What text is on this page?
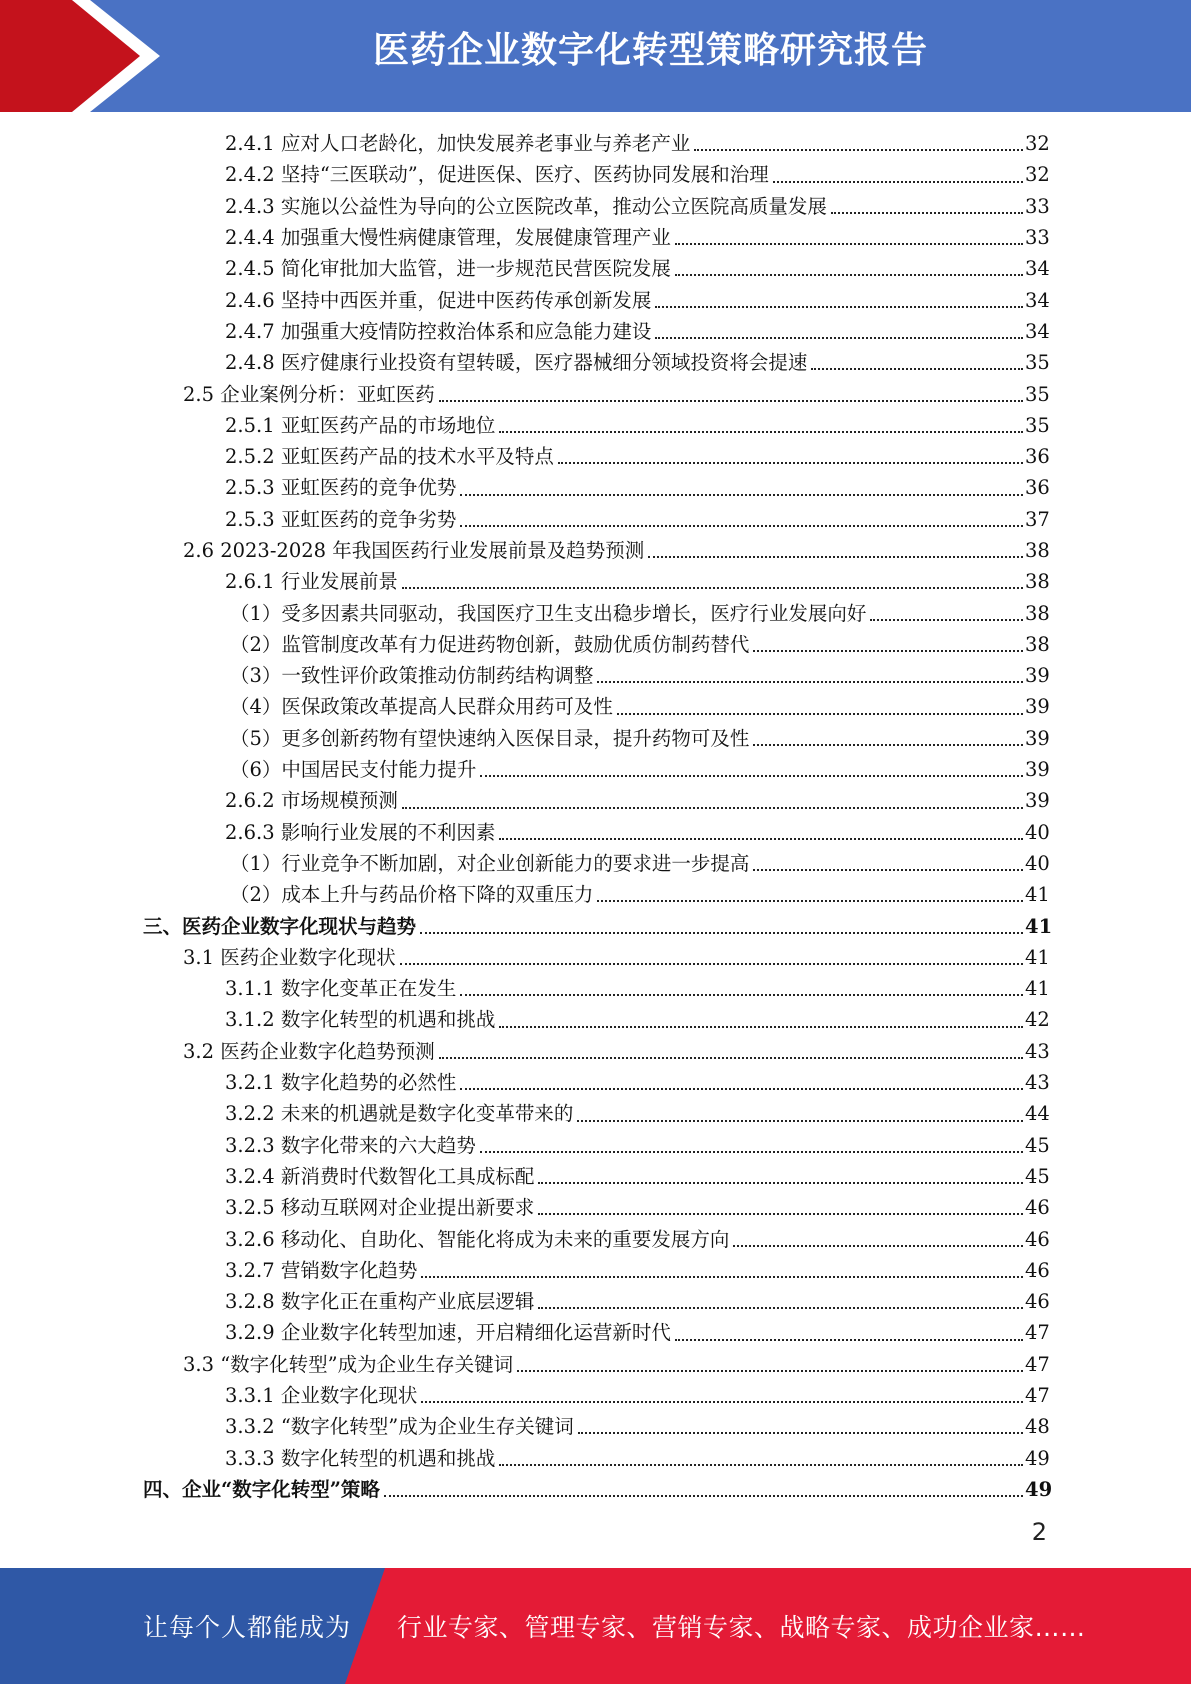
医药企业数字化转型策略研究报告
2.4.1 应对人口老龄化，加快发展养老事业与养老产业	32
2.4.2 坚持“三医联动”，促进医保、医疗、医药协同发展和治理	32
2.4.3 实施以公益性为导向的公立医院改革，推动公立医院高质量发展	33
2.4.4 加强重大慢性病健康管理，发展健康管理产业	33
2.4.5 简化审批加大监管，进一步规范民营医院发展	34
2.4.6 坚持中西医并重，促进中医药传承创新发展	34
2.4.7 加强重大疫情防控救治体系和应急能力建设	34
2.4.8 医疗健康行业投资有望转暖，医疗器械细分领域投资将会提速	35
2.5 企业案例分析：亚虹医药	35
2.5.1 亚虹医药产品的市场地位	35
2.5.2 亚虹医药产品的技术水平及特点	36
2.5.3 亚虹医药的竞争优势	36
2.5.3 亚虹医药的竞争劣势	37
2.6 2023-2028 年我国医药行业发展前景及趋势预测	38
2.6.1 行业发展前景	38
（1）受多因素共同驱动，我国医疗卫生支出稳步增长，医疗行业发展向好	38
（2）监管制度改革有力促进药物创新，鼓励优质仿制药替代	38
（3）一致性评价政策推动仿制药结构调整	39
（4）医保政策改革提高人民群众用药可及性	39
（5）更多创新药物有望快速纳入医保目录，提升药物可及性	39
（6）中国居民支付能力提升	39
2.6.2 市场规模预测	39
2.6.3 影响行业发展的不利因素	40
（1）行业竞争不断加剧，对企业创新能力的要求进一步提高	40
（2）成本上升与药品价格下降的双重压力	41
三、医药企业数字化现状与趋势	41
3.1 医药企业数字化现状	41
3.1.1 数字化变革正在发生	41
3.1.2 数字化转型的机遇和挑战	42
3.2 医药企业数字化趋势预测	43
3.2.1 数字化趋势的必然性	43
3.2.2 未来的机遇就是数字化变革带来的	44
3.2.3 数字化带来的六大趋势	45
3.2.4 新消费时代数智化工具成标配	45
3.2.5 移动互联网对企业提出新要求	46
3.2.6 移动化、自助化、智能化将成为未来的重要发展方向	46
3.2.7 营销数字化趋势	46
3.2.8 数字化正在重构产业底层逻辑	46
3.2.9 企业数字化转型加速，开启精细化运营新时代	47
3.3 “数字化转型”成为企业生存关键词	47
3.3.1 企业数字化现状	47
3.3.2 “数字化转型”成为企业生存关键词	48
3.3.3 数字化转型的机遇和挑战	49
四、企业“数字化转型”策略	49
2
让每个人都能成为 行业专家、管理专家、营销专家、战略专家、成功企业家……
